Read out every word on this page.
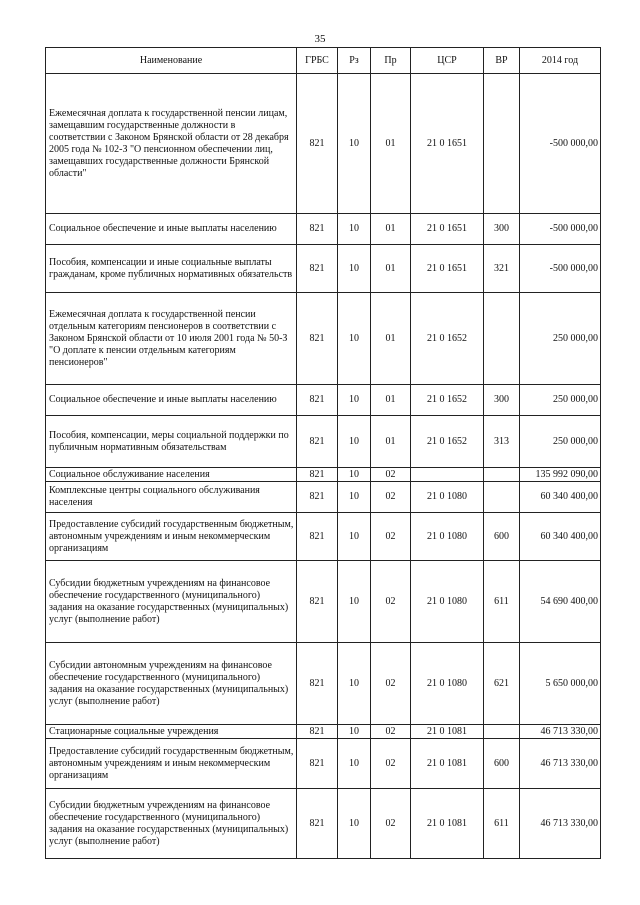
35
Наименование	ГРБС	Рз	Пр	ЦСР	ВР	2014 год
Ежемесячная доплата к государственной пенсии лицам, замещавшим государственные должности в соответствии с Законом Брянской области от 28 декабря 2005 года № 102-З "О пенсионном обеспечении лиц, замещавших государственные должности Брянской области"	821	10	01	21 0 1651		-500 000,00
Социальное обеспечение и иные выплаты населению	821	10	01	21 0 1651	300	-500 000,00
Пособия, компенсации и иные социальные выплаты гражданам, кроме публичных нормативных обязательств	821	10	01	21 0 1651	321	-500 000,00
Ежемесячная доплата к государственной пенсии отдельным категориям пенсионеров в соответствии с Законом Брянской области от 10 июля 2001 года № 50-З "О доплате к пенсии отдельным категориям пенсионеров"	821	10	01	21 0 1652		250 000,00
Социальное обеспечение и иные выплаты населению	821	10	01	21 0 1652	300	250 000,00
Пособия, компенсации, меры социальной поддержки по публичным нормативным обязательствам	821	10	01	21 0 1652	313	250 000,00
Социальное обслуживание населения	821	10	02			135 992 090,00
Комплексные центры социального обслуживания населения	821	10	02	21 0 1080		60 340 400,00
Предоставление субсидий государственным бюджетным, автономным учреждениям и иным некоммерческим организациям	821	10	02	21 0 1080	600	60 340 400,00
Субсидии бюджетным учреждениям на финансовое обеспечение государственного (муниципального) задания на оказание государственных (муниципальных) услуг (выполнение работ)	821	10	02	21 0 1080	611	54 690 400,00
Субсидии автономным учреждениям на финансовое обеспечение государственного (муниципального) задания на оказание государственных (муниципальных) услуг (выполнение работ)	821	10	02	21 0 1080	621	5 650 000,00
Стационарные социальные учреждения	821	10	02	21 0 1081		46 713 330,00
Предоставление субсидий государственным бюджетным, автономным учреждениям и иным некоммерческим организациям	821	10	02	21 0 1081	600	46 713 330,00
Субсидии бюджетным учреждениям на финансовое обеспечение государственного (муниципального) задания на оказание государственных (муниципальных) услуг (выполнение работ)	821	10	02	21 0 1081	611	46 713 330,00
